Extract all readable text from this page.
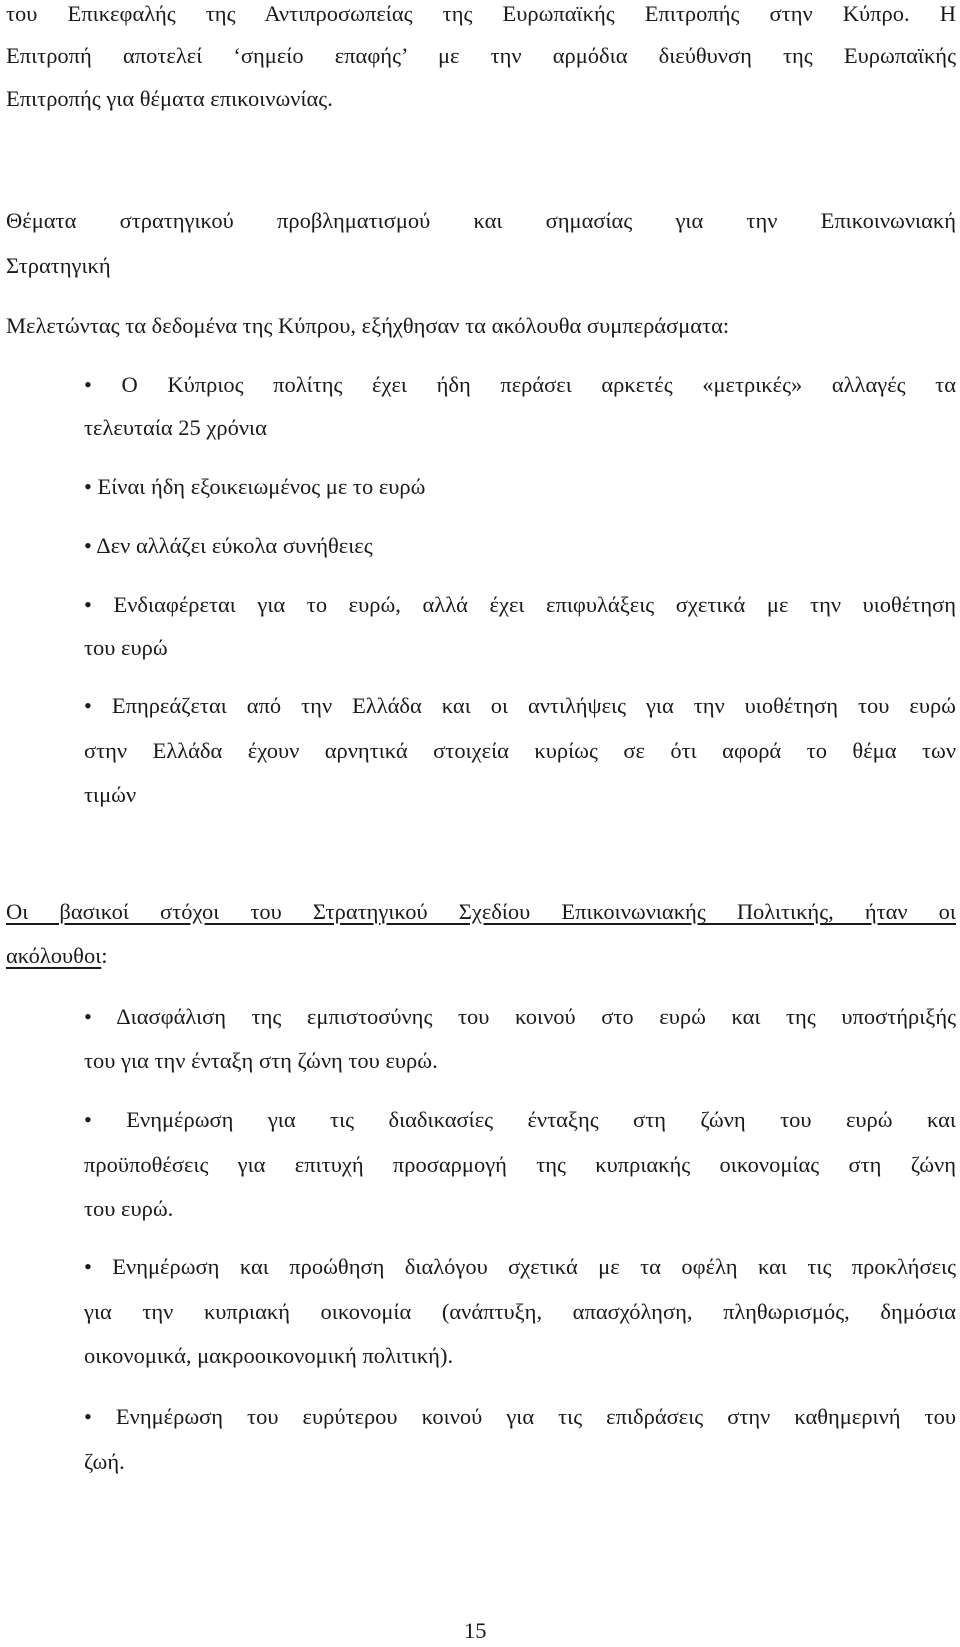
του Επικεφαλής της Αντιπροσωπείας της Ευρωπαϊκής Επιτροπής στην Κύπρο. Η

Επιτροπή αποτελεί ‘σημείο επαφής’ με την αρμόδια διεύθυνση της Ευρωπαϊκής

Επιτροπής για θέματα επικοινωνίας.

Θέματα στρατηγικού προβληματισμού και σημασίας για την Επικοινωνιακή

Στρατηγική

Μελετώντας τα δεδομένα της Κύπρου, εξήχθησαν τα ακόλουθα συμπεράσματα:

• Ο Κύπριος πολίτης έχει ήδη περάσει αρκετές «μετρικές» αλλαγές τα

τελευταία 25 χρόνια

• Είναι ήδη εξοικειωμένος με το ευρώ

• Δεν αλλάζει εύκολα συνήθειες

• Ενδιαφέρεται για το ευρώ, αλλά έχει επιφυλάξεις σχετικά με την υιοθέτηση

του ευρώ

• Επηρεάζεται από την Ελλάδα και οι αντιλήψεις για την υιοθέτηση του ευρώ

στην Ελλάδα έχουν αρνητικά στοιχεία κυρίως σε ότι αφορά το θέμα των

τιμών

Οι βασικοί στόχοι του Στρατηγικού Σχεδίου Επικοινωνιακής Πολιτικής, ήταν οι

ακόλουθοι:

• Διασφάλιση της εμπιστοσύνης του κοινού στο ευρώ και της υποστήριξής

του για την ένταξη στη ζώνη του ευρώ.

• Ενημέρωση για τις διαδικασίες ένταξης στη ζώνη του ευρώ και

προϋποθέσεις για επιτυχή προσαρμογή της κυπριακής οικονομίας στη ζώνη

του ευρώ.

• Ενημέρωση και προώθηση διαλόγου σχετικά με τα οφέλη και τις προκλήσεις

για την κυπριακή οικονομία (ανάπτυξη, απασχόληση, πληθωρισμός, δημόσια

οικονομικά, μακροοικονομική πολιτική).

• Ενημέρωση του ευρύτερου κοινού για τις επιδράσεις στην καθημερινή του

ζωή.

15
